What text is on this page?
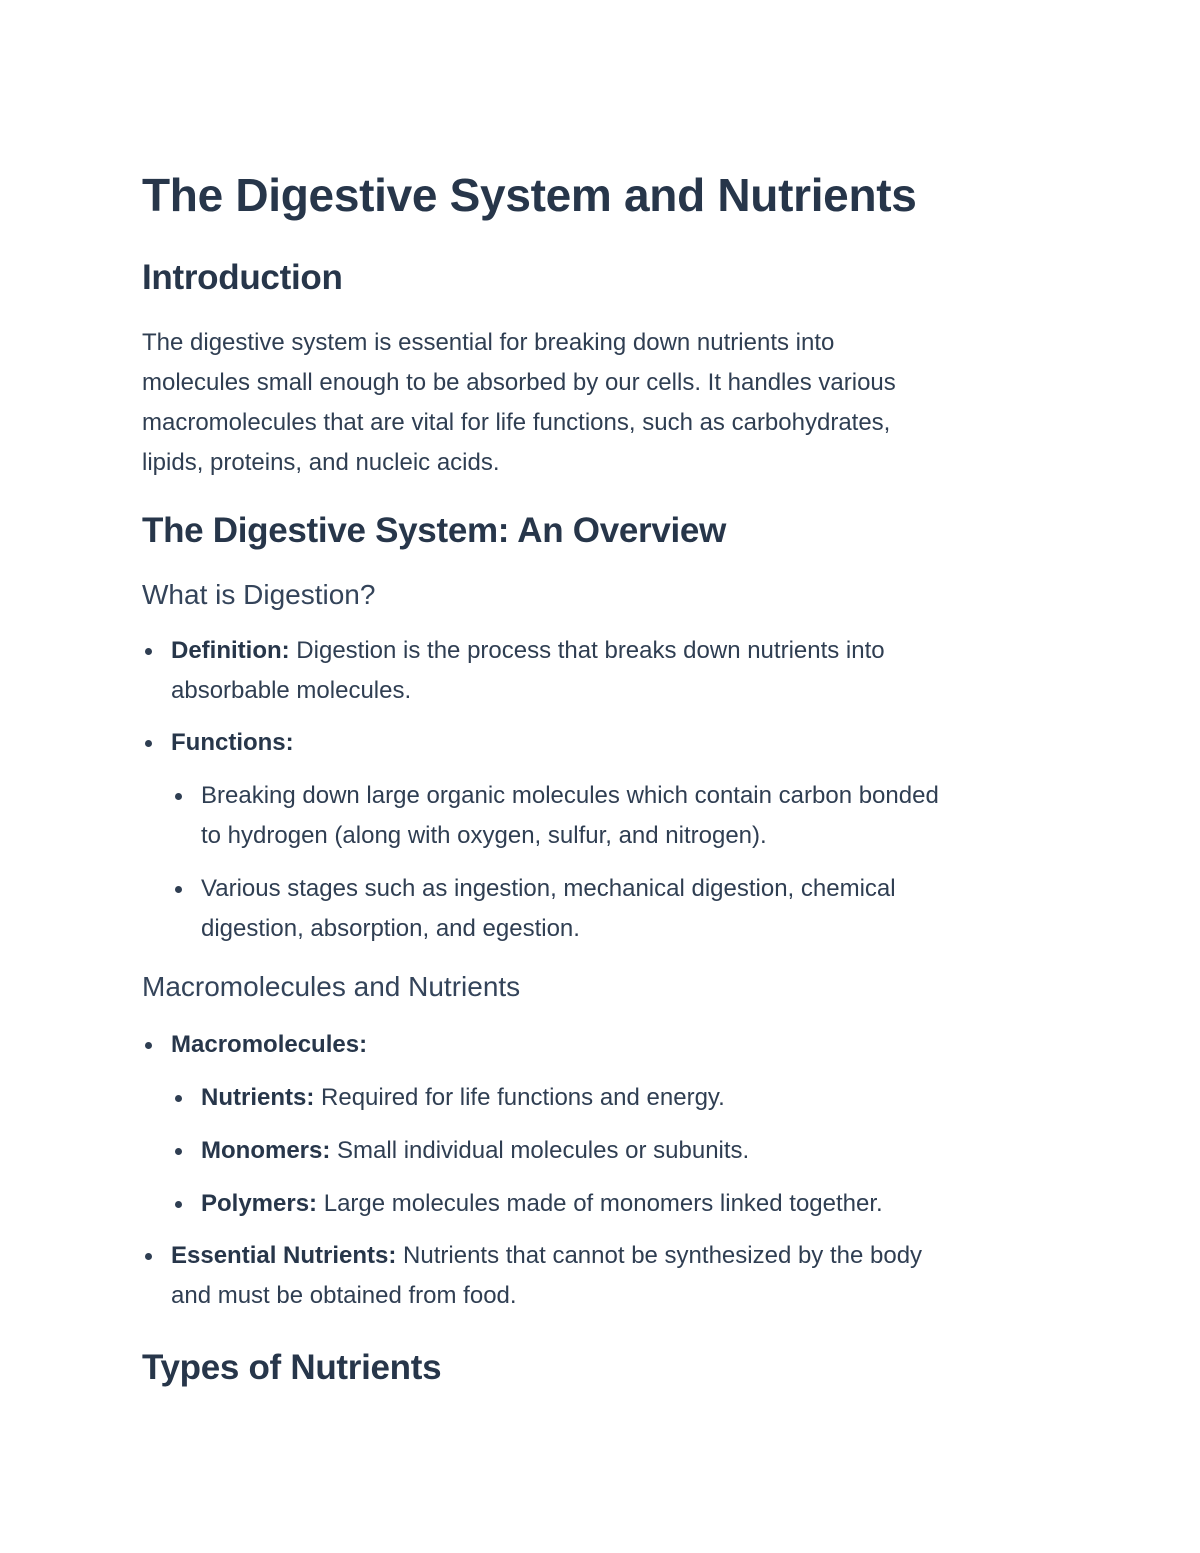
The Digestive System and Nutrients
Introduction

The digestive system is essential for breaking down nutrients into
molecules small enough to be absorbed by our cells. It handles various
macromolecules that are vital for life functions, such as carbohydrates,
lipids, proteins, and nucleic acids.

The Digestive System: An Overview
What is Digestion?
Definition: Digestion is the process that breaks down nutrients into
absorbable molecules.
Functions:
Breaking down large organic molecules which contain carbon bonded
to hydrogen (along with oxygen, sulfur, and nitrogen).
Various stages such as ingestion, mechanical digestion, chemical
digestion, absorption, and egestion.
Macromolecules and Nutrients
Macromolecules:
Nutrients: Required for life functions and energy.
Monomers: Small individual molecules or subunits.
Polymers: Large molecules made of monomers linked together.
Essential Nutrients: Nutrients that cannot be synthesized by the body
and must be obtained from food.
Types of Nutrients
